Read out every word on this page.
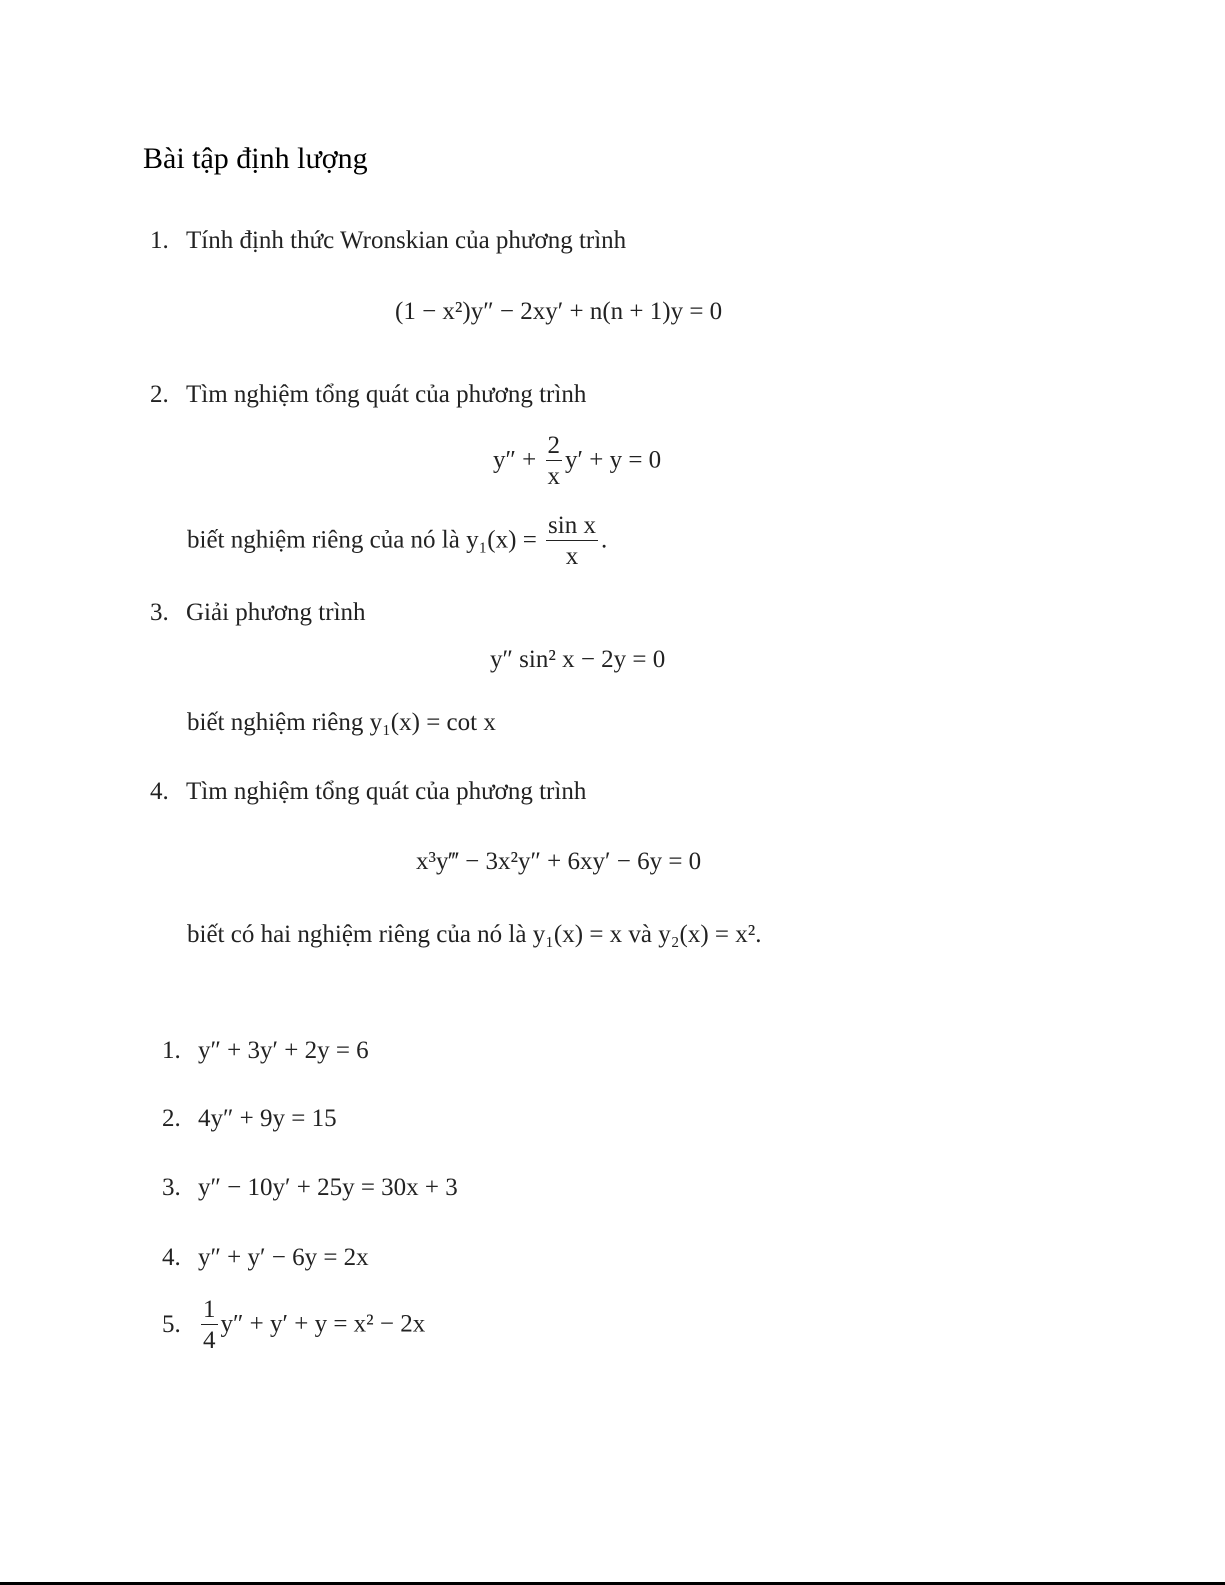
Bài tập định lượng
1. Tính định thức Wronskian của phương trình
(1 − x²)y″ − 2xy′ + n(n + 1)y = 0
2. Tìm nghiệm tổng quát của phương trình
$y'' + \frac{2}{x} y' + y = 0$
biết nghiệm riêng của nó là $y_1(x) = \frac{\text{sin x}}{x}$ .
3. Giải phương trình
y″ sin² x − 2y = 0
biết nghiệm riêng y₁(x) = cot x
4. Tìm nghiệm tổng quát của phương trình
x³y‴ − 3x²y″ + 6xy′ − 6y = 0
biết có hai nghiệm riêng của nó là y₁(x) = x và y₂(x) = x².
1. y″ + 3y′ + 2y = 6
2. 4y″ + 9y = 15
3. y″ − 10y′ + 25y = 30x + 3
4. y″ + y′ − 6y = 2x
5. $\frac{1}{4} y'' + y' + y = x^2 - 2x$
